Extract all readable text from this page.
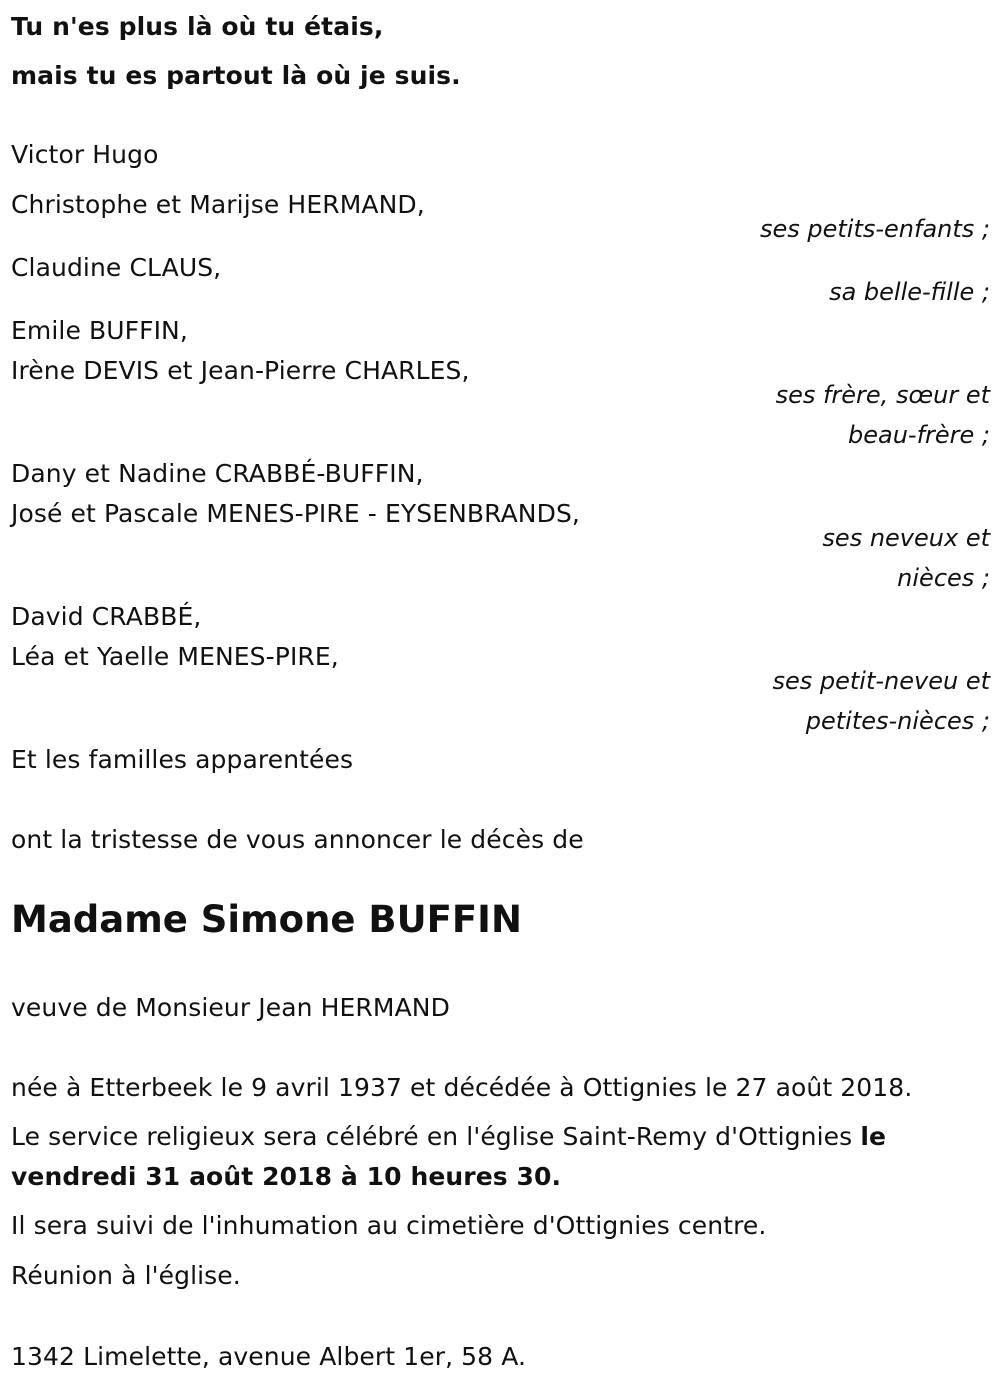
Tu n'es plus là où tu étais,

mais tu es partout là où je suis.

Victor Hugo

Christophe et Marijse HERMAND,

ses petits-enfants ;

Claudine CLAUS,

sa belle-fille ;

Emile BUFFIN,

Irène DEVIS et Jean-Pierre CHARLES,

ses frère, sœur et

beau-frère ;

Dany et Nadine CRABBÉ-BUFFIN,

José et Pascale MENES-PIRE - EYSENBRANDS,

ses neveux et

nièces ;

David CRABBÉ,

Léa et Yaelle MENES-PIRE,

ses petit-neveu et

petites-nièces ;

Et les familles apparentées

ont la tristesse de vous annoncer le décès de

Madame Simone BUFFIN

veuve de Monsieur Jean HERMAND

née à Etterbeek le 9 avril 1937 et décédée à Ottignies le 27 août 2018.

Le service religieux sera célébré en l'église Saint-Remy d'Ottignies le

vendredi 31 août 2018 à 10 heures 30.

Il sera suivi de l'inhumation au cimetière d'Ottignies centre.

Réunion à l'église.

1342 Limelette, avenue Albert 1er, 58 A.
